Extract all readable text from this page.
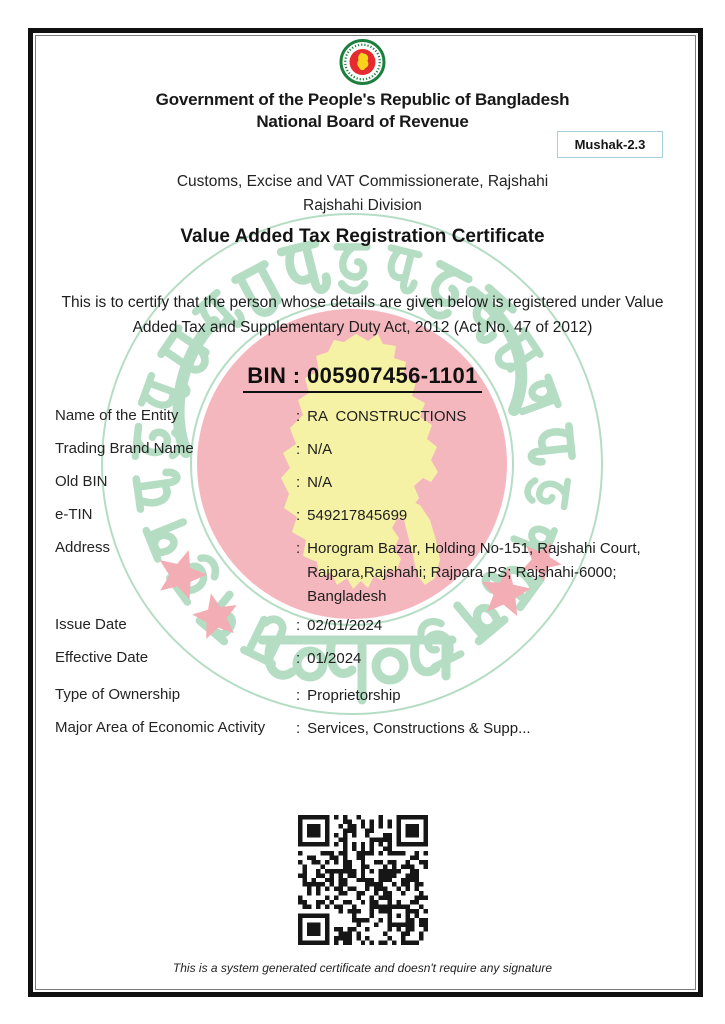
Government of the People's Republic of Bangladesh
National Board of Revenue
Mushak-2.3
Customs, Excise and VAT Commissionerate, Rajshahi
Rajshahi Division
Value Added Tax Registration Certificate

This is to certify that the person whose details are given below is registered under Value Added Tax and Supplementary Duty Act, 2012 (Act No. 47 of 2012)

BIN : 005907456-1101
Name of the Entity	: RA  CONSTRUCTIONS
Trading Brand Name	: N/A
Old BIN	: N/A
e-TIN	: 549217845699
Address	: Horogram Bazar, Holding No-151, Rajshahi Court, Rajpara,Rajshahi; Rajpara PS; Rajshahi-6000; Bangladesh
Issue Date	: 02/01/2024
Effective Date	: 01/2024
Type of Ownership	: Proprietorship
Major Area of Economic Activity	: Services, Constructions & Supp...
This is a system generated certificate and doesn't require any signature
